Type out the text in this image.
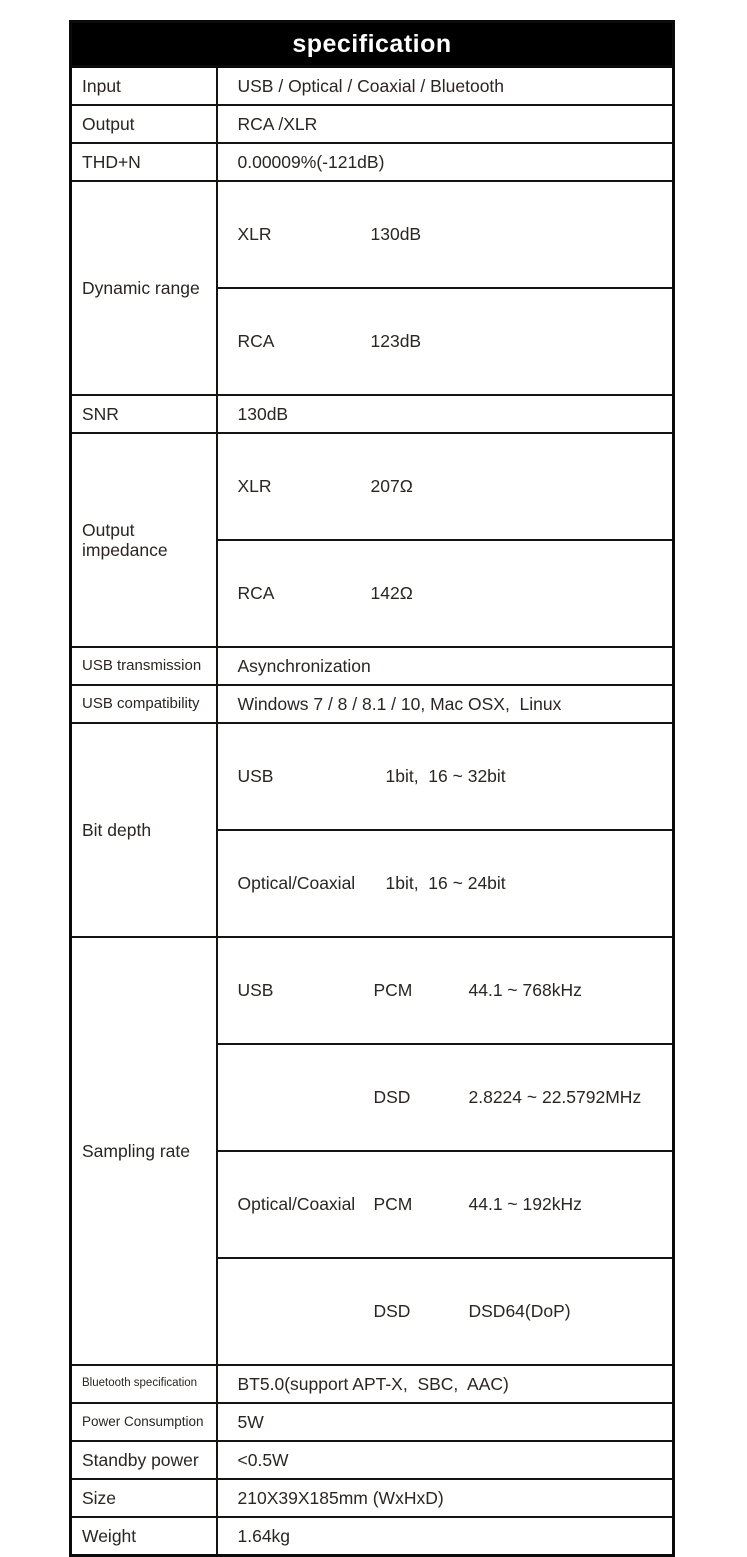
specification	
Input	USB / Optical / Coaxial / Bluetooth
Output	RCA /XLR
THD+N	0.00009%(-121dB)
Dynamic range	XLR 130dB

	RCA 123dB

SNR	130dB
Output impedance	XLR 207Ω

	RCA 142Ω

USB transmission	Asynchronization
USB compatibility	Windows 7 / 8 / 8.1 / 10, Mac OSX,  Linux
Bit depth	USB 1bit,  16 ~ 32bit

	Optical/Coaxial 1bit,  16 ~ 24bit

Sampling rate	USB PCM 44.1 ~ 768kHz

	DSD 2.8224 ~ 22.5792MHz

	Optical/Coaxial PCM 44.1 ~ 192kHz

	DSD DSD64(DoP)

Bluetooth specification	BT5.0(support APT-X,  SBC,  AAC)
Power Consumption	5W
Standby power	<0.5W
Size	210X39X185mm (WxHxD)
Weight	1.64kg
